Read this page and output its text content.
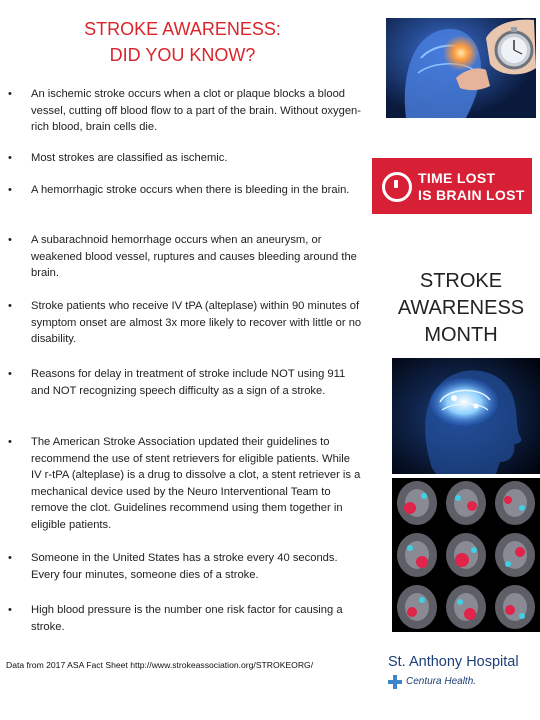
STROKE AWARENESS:
DID YOU KNOW?
•	An ischemic stroke occurs when a clot or plaque blocks a blood vessel, cutting off blood flow to a part of the brain. Without oxygen-rich blood, brain cells die.
•	Most strokes are classified as ischemic.
•	A hemorrhagic stroke occurs when there is bleeding in the brain.
•	A subarachnoid hemorrhage occurs when an aneurysm, or weakened blood vessel, ruptures and causes bleeding around the brain.
•	Stroke patients who receive IV tPA (alteplase) within 90 minutes of symptom onset are almost 3x more likely to recover with little or no disability.
•	Reasons for delay in treatment of stroke include NOT using 911 and NOT recognizing speech difficulty as a sign of a stroke.
•	The American Stroke Association updated their guidelines to recommend the use of stent retrievers for eligible patients. While IV r-tPA (alteplase) is a drug to dissolve a clot, a stent retriever is a mechanical device used by the Neuro Interventional Team to remove the clot. Guidelines recommend using them together in eligible patients.
•	Someone in the United States has a stroke every 40 seconds. Every four minutes, someone dies of a stroke.
•	High blood pressure is the number one risk factor for causing a stroke.
Data from 2017 ASA Fact Sheet http://www.strokeassociation.org/STROKEORG/
TIME LOST
IS BRAIN LOST
STROKE
AWARENESS
MONTH
St. Anthony Hospital
Centura Health.
